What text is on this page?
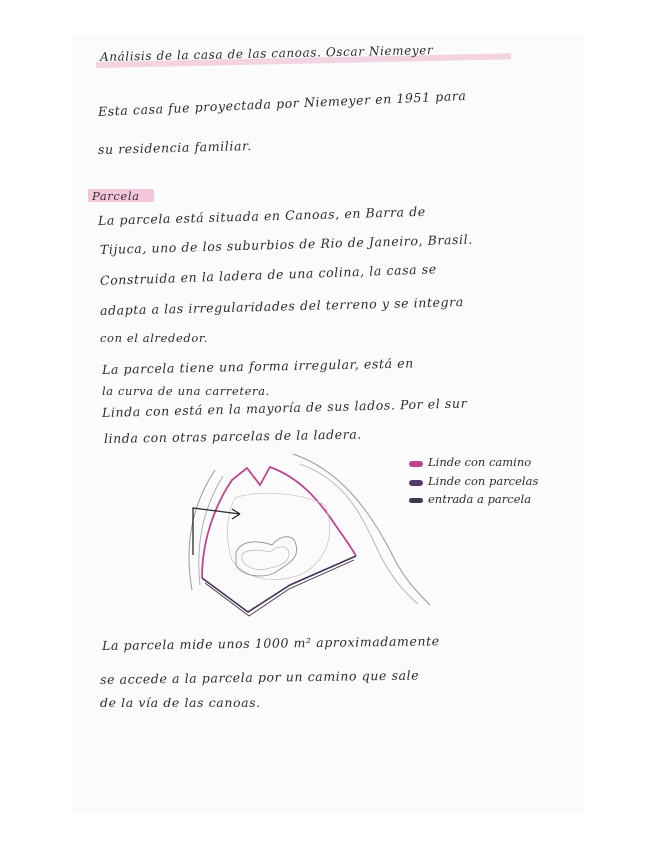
Análisis de la casa de las canoas. Oscar Niemeyer
Esta casa fue proyectada por Niemeyer en 1951 para
su residencia familiar.
Parcela
La parcela está situada en Canoas, en Barra de
Tijuca, uno de los suburbios de Rio de Janeiro, Brasil.
Construida en la ladera de una colina, la casa se
adapta a las irregularidades del terreno y se integra
con el alrededor.
La parcela tiene una forma irregular, está en
la curva de una carretera.
Linda con está en la mayoría de sus lados. Por el sur
linda con otras parcelas de la ladera.
Linde con camino
Linde con parcelas
entrada a parcela
La parcela mide unos 1000 m² aproximadamente
se accede a la parcela por un camino que sale
de la vía de las canoas.
